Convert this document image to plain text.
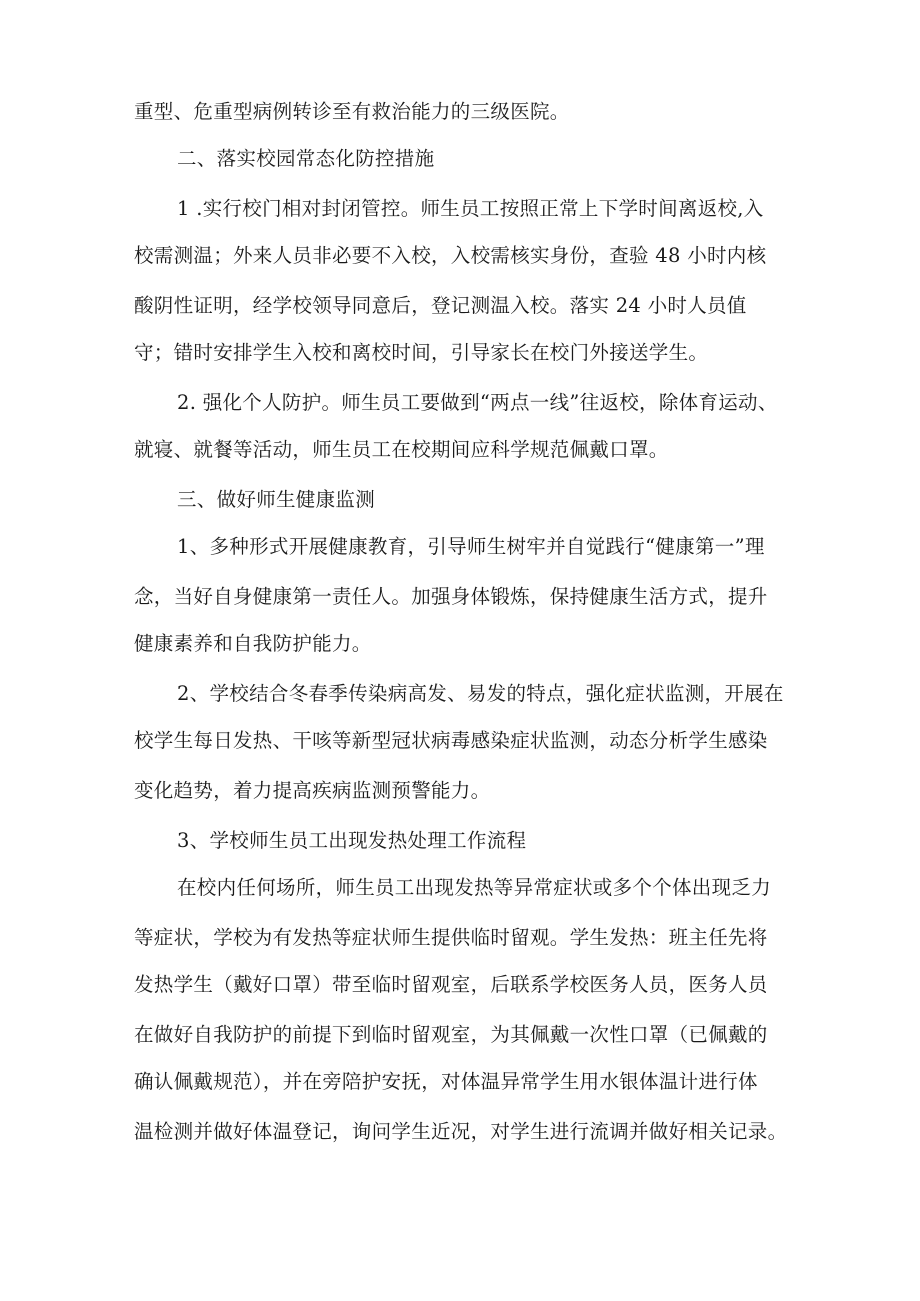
重型、危重型病例转诊至有救治能力的三级医院。
二、落实校园常态化防控措施
1 .实行校门相对封闭管控。师生员工按照正常上下学时间离返校,入
校需测温；外来人员非必要不入校，入校需核实身份，查验 48 小时内核
酸阴性证明，经学校领导同意后，登记测温入校。落实 24 小时人员值
守；错时安排学生入校和离校时间，引导家长在校门外接送学生。
2. 强化个人防护。师生员工要做到“两点一线”往返校，除体育运动、
就寝、就餐等活动，师生员工在校期间应科学规范佩戴口罩。
三、做好师生健康监测
1、多种形式开展健康教育，引导师生树牢并自觉践行“健康第一”理
念，当好自身健康第一责任人。加强身体锻炼，保持健康生活方式，提升
健康素养和自我防护能力。
2、学校结合冬春季传染病高发、易发的特点，强化症状监测，开展在
校学生每日发热、干咳等新型冠状病毒感染症状监测，动态分析学生感染
变化趋势，着力提高疾病监测预警能力。
3、学校师生员工出现发热处理工作流程
在校内任何场所，师生员工出现发热等异常症状或多个个体出现乏力
等症状，学校为有发热等症状师生提供临时留观。学生发热：班主任先将
发热学生（戴好口罩）带至临时留观室，后联系学校医务人员，医务人员
在做好自我防护的前提下到临时留观室，为其佩戴一次性口罩（已佩戴的
确认佩戴规范），并在旁陪护安抚，对体温异常学生用水银体温计进行体
温检测并做好体温登记，询问学生近况，对学生进行流调并做好相关记录。
